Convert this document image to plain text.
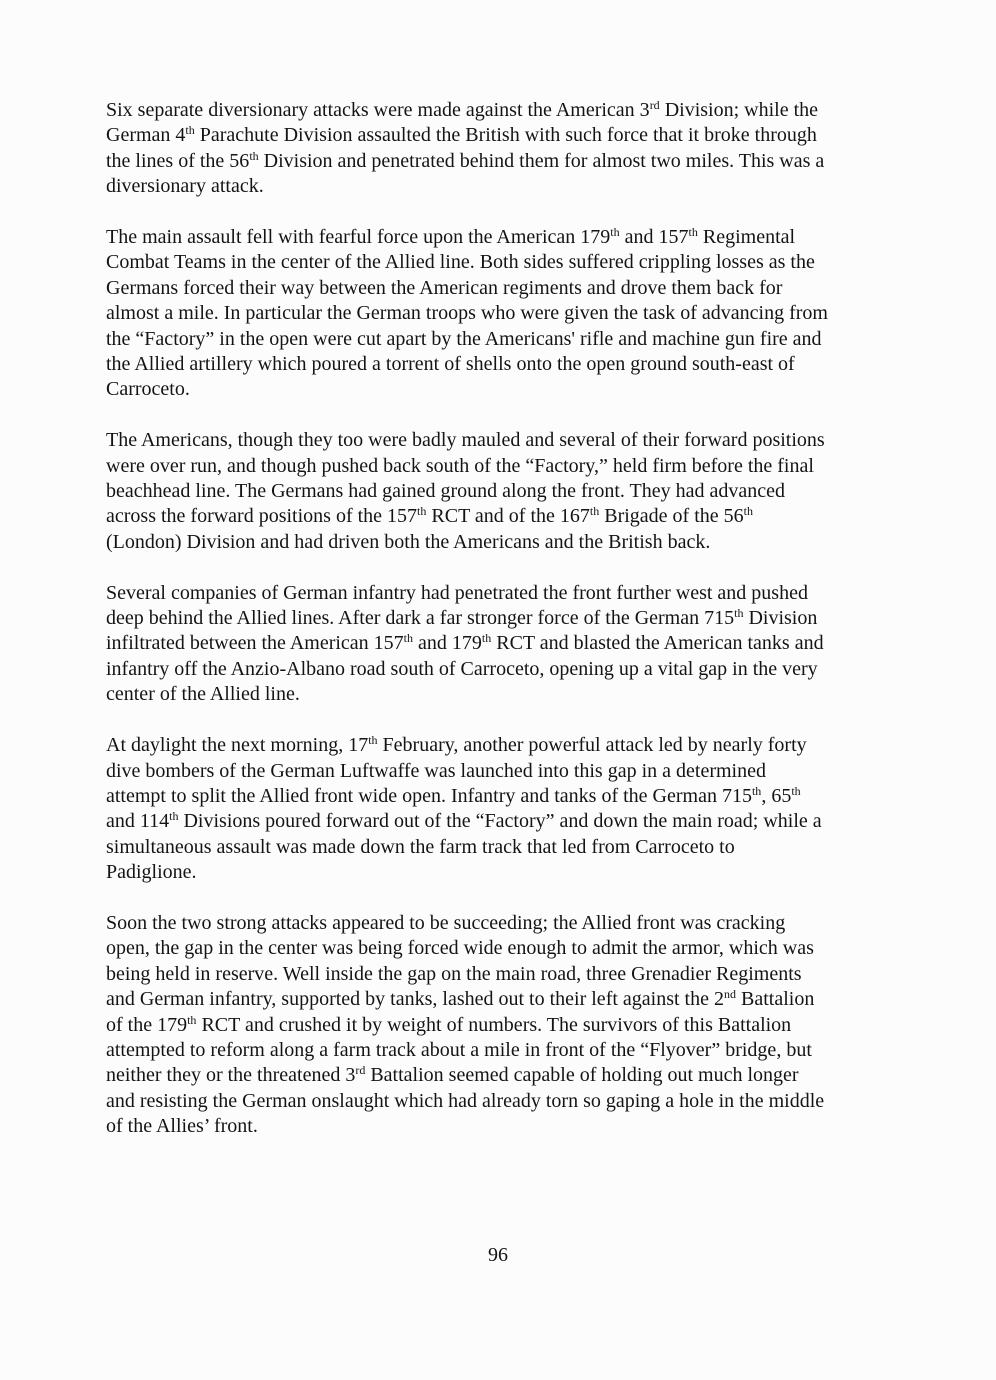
Six separate diversionary attacks were made against the American 3rd Division; while the
German 4th Parachute Division assaulted the British with such force that it broke through
the lines of the 56th Division and penetrated behind them for almost two miles. This was a
diversionary attack.
The main assault fell with fearful force upon the American 179th and 157th Regimental
Combat Teams in the center of the Allied line. Both sides suffered crippling losses as the
Germans forced their way between the American regiments and drove them back for
almost a mile. In particular the German troops who were given the task of advancing from
the “Factory” in the open were cut apart by the Americans' rifle and machine gun fire and
the Allied artillery which poured a torrent of shells onto the open ground south-east of
Carroceto.
The Americans, though they too were badly mauled and several of their forward positions
were over run, and though pushed back south of the “Factory,” held firm before the final
beachhead line. The Germans had gained ground along the front. They had advanced
across the forward positions of the 157th RCT and of the 167th Brigade of the 56th
(London) Division and had driven both the Americans and the British back.
Several companies of German infantry had penetrated the front further west and pushed
deep behind the Allied lines. After dark a far stronger force of the German 715th Division
infiltrated between the American 157th and 179th RCT and blasted the American tanks and
infantry off the Anzio-Albano road south of Carroceto, opening up a vital gap in the very
center of the Allied line.
At daylight the next morning, 17th February, another powerful attack led by nearly forty
dive bombers of the German Luftwaffe was launched into this gap in a determined
attempt to split the Allied front wide open. Infantry and tanks of the German 715th, 65th
and 114th Divisions poured forward out of the “Factory” and down the main road; while a
simultaneous assault was made down the farm track that led from Carroceto to
Padiglione.
Soon the two strong attacks appeared to be succeeding; the Allied front was cracking
open, the gap in the center was being forced wide enough to admit the armor, which was
being held in reserve. Well inside the gap on the main road, three Grenadier Regiments
and German infantry, supported by tanks, lashed out to their left against the 2nd Battalion
of the 179th RCT and crushed it by weight of numbers. The survivors of this Battalion
attempted to reform along a farm track about a mile in front of the “Flyover” bridge, but
neither they or the threatened 3rd Battalion seemed capable of holding out much longer
and resisting the German onslaught which had already torn so gaping a hole in the middle
of the Allies’ front.
96
